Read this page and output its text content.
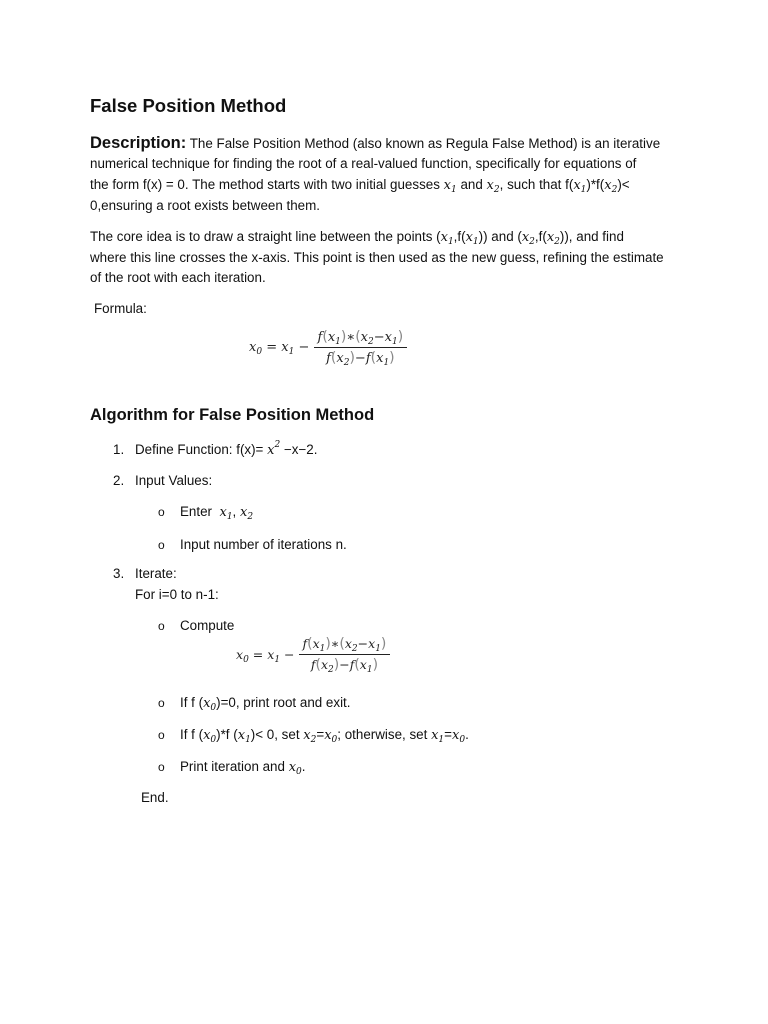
False Position Method
Description: The False Position Method (also known as Regula False Method) is an iterative
numerical technique for finding the root of a real-valued function, specifically for equations of
the form f(x) = 0. The method starts with two initial guesses $x_1$ and $x_2$, such that $f(x_1)*f(x_2)<$
0,ensuring a root exists between them.
The core idea is to draw a straight line between the points $(x_1,f(x_1))$ and $(x_2,f(x_2))$, and find
where this line crosses the x-axis. This point is then used as the new guess, refining the estimate
of the root with each iteration.
Formula:
$x_0 = x_1 - \frac{f(x_1)∗(x_2-x_1)}{f(x_2)-f(x_1)}$
Algorithm for False Position Method
1. Define Function: $f(x)= x^2 -x-2$.
2. Input Values:
o Enter $x_1$, $x_2$
o Input number of iterations n.
3. Iterate:
For i=0 to n-1:
o Compute
$x_0 = x_1 - \frac{f(x_1)∗(x_2-x_1)}{f(x_2)-f(x_1)}$
o If f $(x_0)=0$, print root and exit.
o If f $(x_0)*f$ $(x_1)< 0$, set $x_2=x_0$; otherwise, set $x_1=x_0$.
o Print iteration and $x_0$.
End.
